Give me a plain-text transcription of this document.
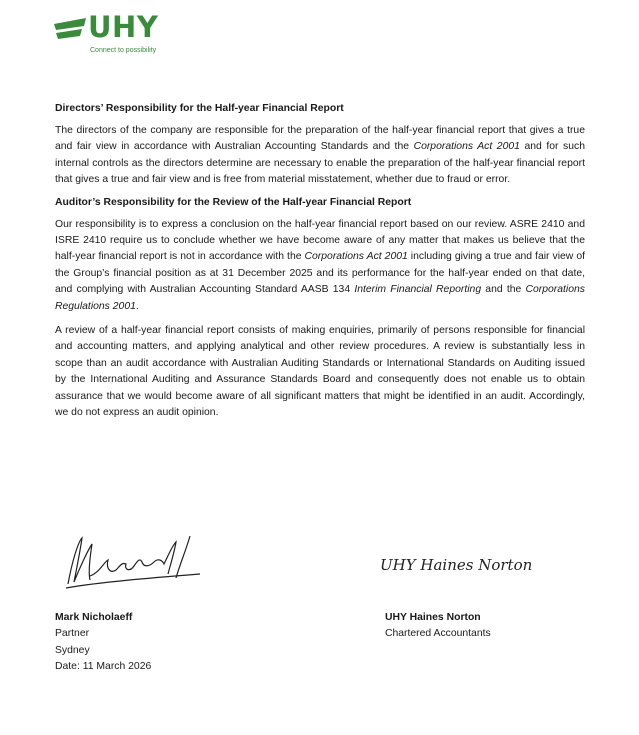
UHY
Connect to possibility
Directors’ Responsibility for the Half-year Financial Report

The directors of the company are responsible for the preparation of the half-year financial report that gives a true and fair view in accordance with Australian Accounting Standards and the Corporations Act 2001 and for such internal controls as the directors determine are necessary to enable the preparation of the half-year financial report that gives a true and fair view and is free from material misstatement, whether due to fraud or error.

Auditor’s Responsibility for the Review of the Half-year Financial Report

Our responsibility is to express a conclusion on the half-year financial report based on our review. ASRE 2410 and ISRE 2410 require us to conclude whether we have become aware of any matter that makes us believe that the half-year financial report is not in accordance with the Corporations Act 2001 including giving a true and fair view of the Group’s financial position as at 31 December 2025 and its performance for the half-year ended on that date, and complying with Australian Accounting Standard AASB 134 Interim Financial Reporting and the Corporations Regulations 2001.

A review of a half-year financial report consists of making enquiries, primarily of persons responsible for financial and accounting matters, and applying analytical and other review procedures. A review is substantially less in scope than an audit accordance with Australian Auditing Standards or International Standards on Auditing issued by the International Auditing and Assurance Standards Board and consequently does not enable us to obtain assurance that we would become aware of all significant matters that might be identified in an audit. Accordingly, we do not express an audit opinion.

UHY Haines Norton
Mark Nicholaeff
Partner
Sydney
Date: 11 March 2026
UHY Haines Norton
Chartered Accountants
